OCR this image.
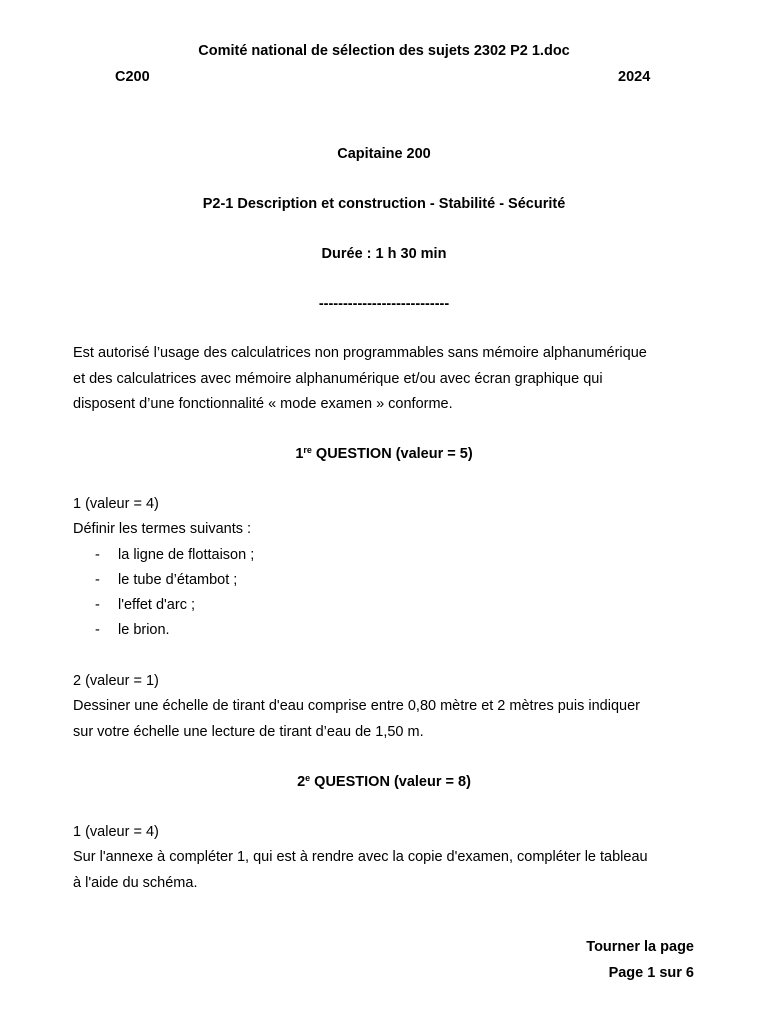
Comité national de sélection des sujets 2302 P2 1.doc
C200	2024
Capitaine 200
P2-1 Description et construction - Stabilité - Sécurité
Durée : 1 h 30 min
---------------------------
Est autorisé l’usage des calculatrices non programmables sans mémoire alphanumérique
et des calculatrices avec mémoire alphanumérique et/ou avec écran graphique qui
disposent d’une fonctionnalité « mode examen » conforme.
1re QUESTION (valeur = 5)
1 (valeur = 4)
Définir les termes suivants :
- la ligne de flottaison ;
- le tube d’étambot ;
- l'effet d'arc ;
- le brion.
2 (valeur = 1)
Dessiner une échelle de tirant d'eau comprise entre 0,80 mètre et 2 mètres puis indiquer
sur votre échelle une lecture de tirant d’eau de 1,50 m.
2e QUESTION (valeur = 8)
1 (valeur = 4)
Sur l'annexe à compléter 1, qui est à rendre avec la copie d'examen, compléter le tableau
à l'aide du schéma.
Tourner la page
Page 1 sur 6
